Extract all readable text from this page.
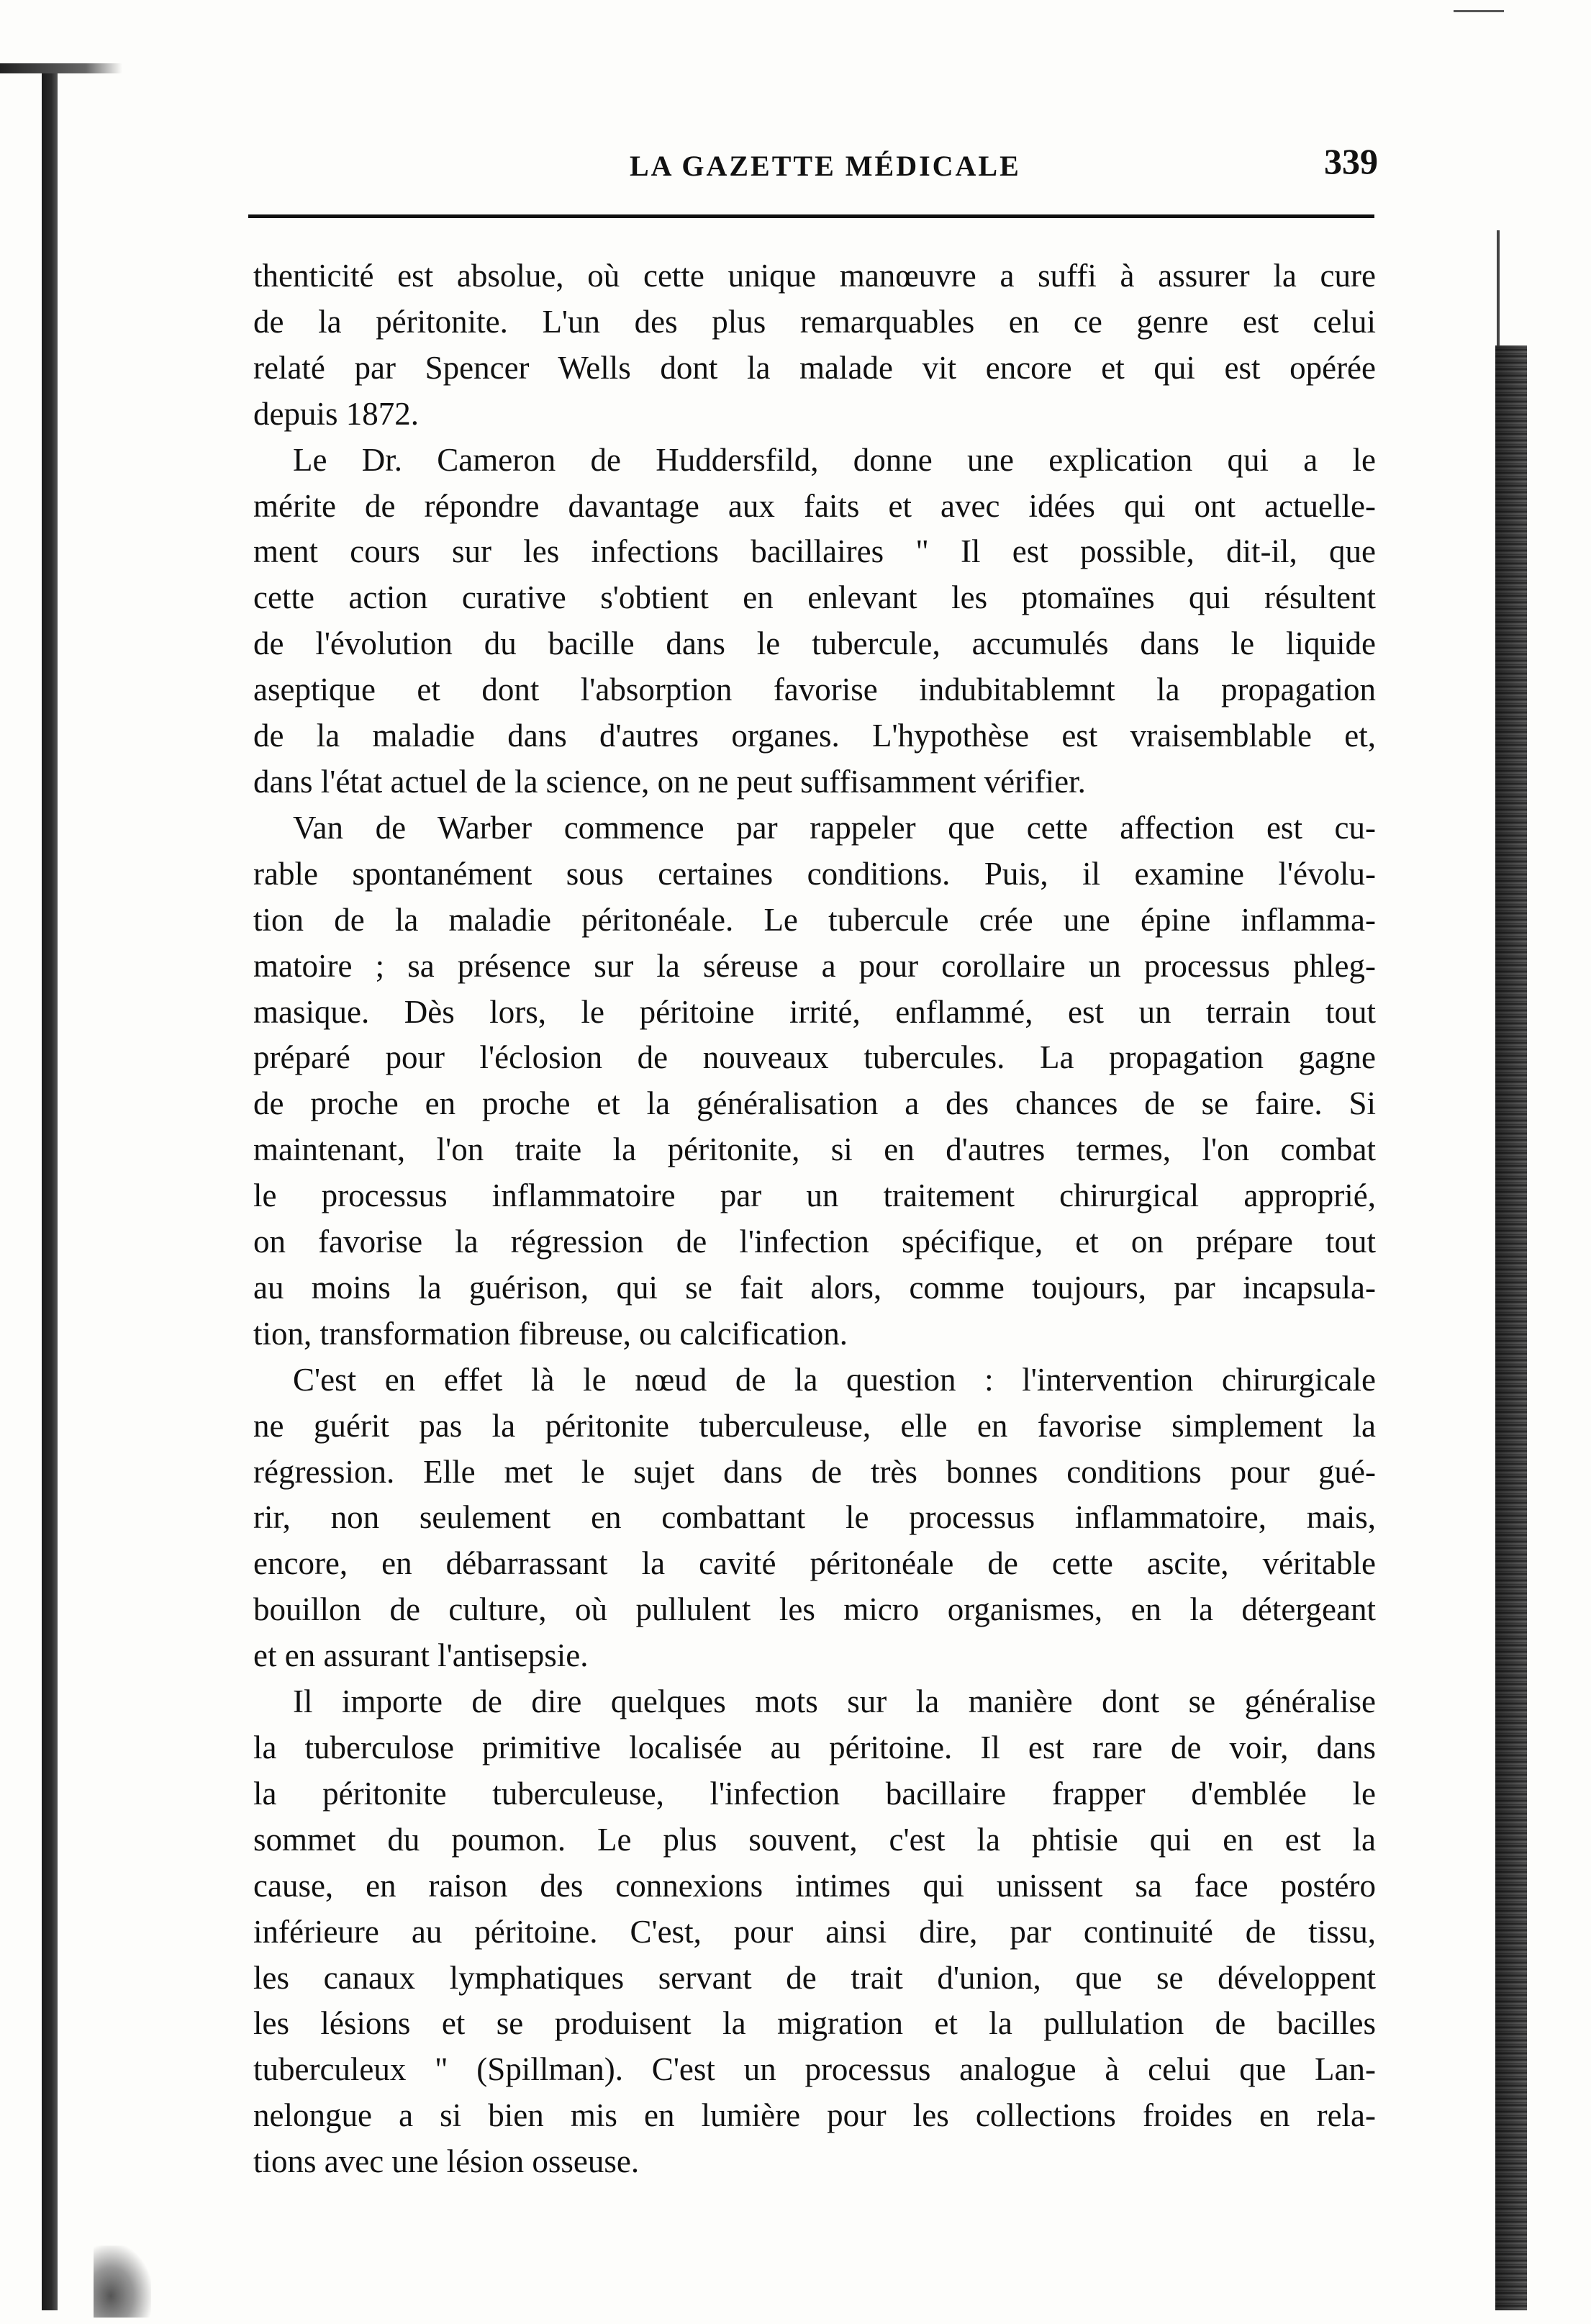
LA GAZETTE MÉDICALE	339
thenticité est absolue, où cette unique manœuvre a suffi à assurer la cure
de la péritonite. L'un des plus remarquables en ce genre est celui
relaté par Spencer Wells dont la malade vit encore et qui est opérée
depuis 1872.
Le Dr. Cameron de Huddersfild, donne une explication qui a le
mérite de répondre davantage aux faits et avec idées qui ont actuelle-
ment cours sur les infections bacillaires " Il est possible, dit-il, que
cette action curative s'obtient en enlevant les ptomaïnes qui résultent
de l'évolution du bacille dans le tubercule, accumulés dans le liquide
aseptique et dont l'absorption favorise indubitablemnt la propagation
de la maladie dans d'autres organes. L'hypothèse est vraisemblable et,
dans l'état actuel de la science, on ne peut suffisamment vérifier.
Van de Warber commence par rappeler que cette affection est cu-
rable spontanément sous certaines conditions. Puis, il examine l'évolu-
tion de la maladie péritonéale. Le tubercule crée une épine inflamma-
matoire ; sa présence sur la séreuse a pour corollaire un processus phleg-
masique. Dès lors, le péritoine irrité, enflammé, est un terrain tout
préparé pour l'éclosion de nouveaux tubercules. La propagation gagne
de proche en proche et la généralisation a des chances de se faire. Si
maintenant, l'on traite la péritonite, si en d'autres termes, l'on combat
le processus inflammatoire par un traitement chirurgical approprié,
on favorise la régression de l'infection spécifique, et on prépare tout
au moins la guérison, qui se fait alors, comme toujours, par incapsula-
tion, transformation fibreuse, ou calcification.
C'est en effet là le nœud de la question : l'intervention chirurgicale
ne guérit pas la péritonite tuberculeuse, elle en favorise simplement la
régression. Elle met le sujet dans de très bonnes conditions pour gué-
rir, non seulement en combattant le processus inflammatoire, mais,
encore, en débarrassant la cavité péritonéale de cette ascite, véritable
bouillon de culture, où pullulent les micro organismes, en la détergeant
et en assurant l'antisepsie.
Il importe de dire quelques mots sur la manière dont se généralise
la tuberculose primitive localisée au péritoine. Il est rare de voir, dans
la péritonite tuberculeuse, l'infection bacillaire frapper d'emblée le
sommet du poumon. Le plus souvent, c'est la phtisie qui en est la
cause, en raison des connexions intimes qui unissent sa face postéro
inférieure au péritoine. C'est, pour ainsi dire, par continuité de tissu,
les canaux lymphatiques servant de trait d'union, que se développent
les lésions et se produisent la migration et la pullulation de bacilles
tuberculeux " (Spillman). C'est un processus analogue à celui que Lan-
nelongue a si bien mis en lumière pour les collections froides en rela-
tions avec une lésion osseuse.
